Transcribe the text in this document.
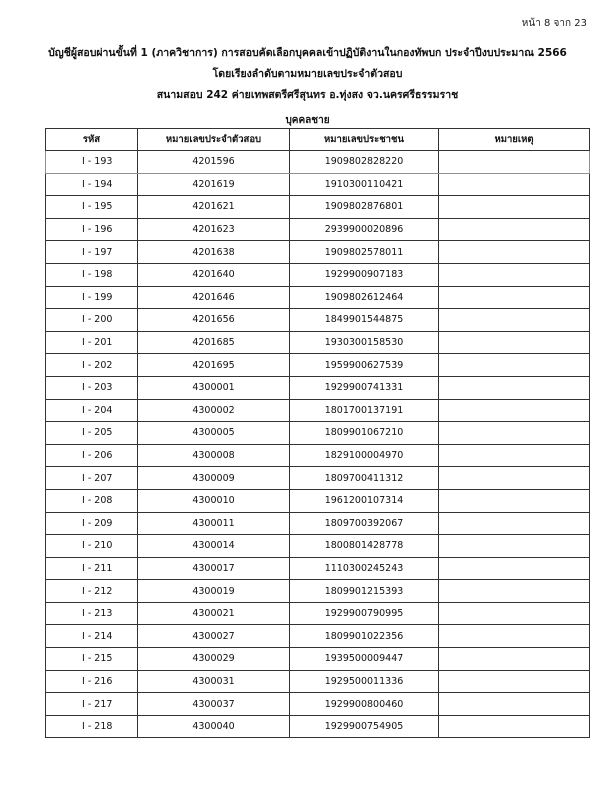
หน้า 8 จาก 23
บัญชีผู้สอบผ่านขั้นที่ 1 (ภาควิชาการ) การสอบคัดเลือกบุคคลเข้าปฏิบัติงานในกองทัพบก ประจำปีงบประมาณ 2566
โดยเรียงลำดับตามหมายเลขประจำตัวสอบ
สนามสอบ 242 ค่ายเทพสตรีศรีสุนทร อ.ทุ่งสง จว.นครศรีธรรมราช
บุคคลชาย
รหัส	หมายเลขประจำตัวสอบ	หมายเลขประชาชน	หมายเหตุ
I - 193	4201596	1909802828220	
I - 194	4201619	1910300110421	
I - 195	4201621	1909802876801	
I - 196	4201623	2939900020896	
I - 197	4201638	1909802578011	
I - 198	4201640	1929900907183	
I - 199	4201646	1909802612464	
I - 200	4201656	1849901544875	
I - 201	4201685	1930300158530	
I - 202	4201695	1959900627539	
I - 203	4300001	1929900741331	
I - 204	4300002	1801700137191	
I - 205	4300005	1809901067210	
I - 206	4300008	1829100004970	
I - 207	4300009	1809700411312	
I - 208	4300010	1961200107314	
I - 209	4300011	1809700392067	
I - 210	4300014	1800801428778	
I - 211	4300017	1110300245243	
I - 212	4300019	1809901215393	
I - 213	4300021	1929900790995	
I - 214	4300027	1809901022356	
I - 215	4300029	1939500009447	
I - 216	4300031	1929500011336	
I - 217	4300037	1929900800460	
I - 218	4300040	1929900754905	
